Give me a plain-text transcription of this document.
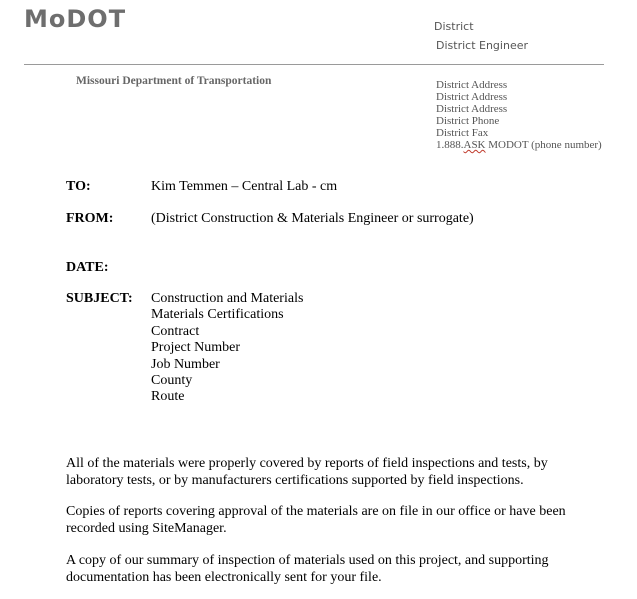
MoDOT	District
District Engineer
Missouri Department of Transportation	District Address
District Address
District Address
District Phone
District Fax
1.888.ASK MODOT (phone number)
TO:	Kim Temmen – Central Lab - cm
FROM:	(District Construction & Materials Engineer or surrogate)
DATE:
SUBJECT: Construction and Materials
Materials Certifications
Contract
Project Number
Job Number
County
Route
All of the materials were properly covered by reports of field inspections and tests, by laboratory tests, or by manufacturers certifications supported by field inspections.
Copies of reports covering approval of the materials are on file in our office or have been recorded using SiteManager.
A copy of our summary of inspection of materials used on this project, and supporting documentation has been electronically sent for your file.
